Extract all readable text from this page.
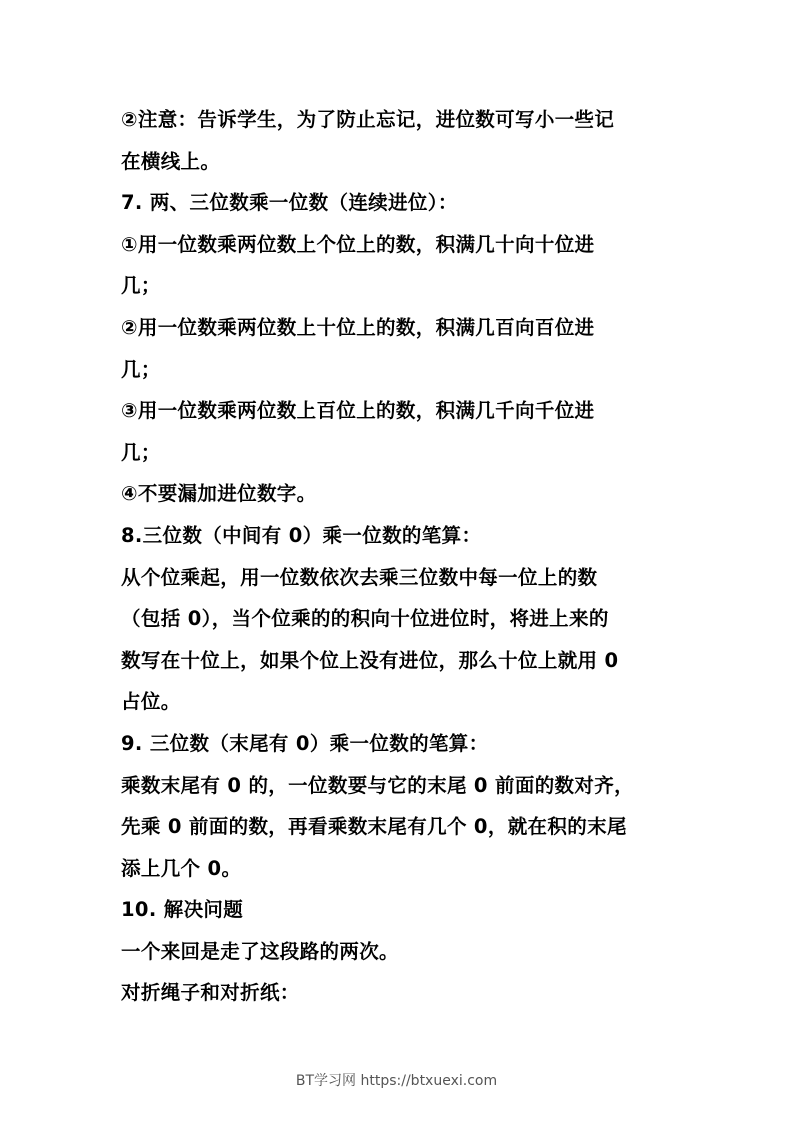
②注意：告诉学生，为了防止忘记，进位数可写小一些记
在横线上。
7. 两、三位数乘一位数（连续进位）：
①用一位数乘两位数上个位上的数，积满几十向十位进
几；
②用一位数乘两位数上十位上的数，积满几百向百位进
几；
③用一位数乘两位数上百位上的数，积满几千向千位进
几；
④不要漏加进位数字。
8.三位数（中间有 0）乘一位数的笔算：
从个位乘起，用一位数依次去乘三位数中每一位上的数
（包括 0），当个位乘的的积向十位进位时，将进上来的
数写在十位上，如果个位上没有进位，那么十位上就用 0
占位。
9. 三位数（末尾有 0）乘一位数的笔算：
乘数末尾有 0 的，一位数要与它的末尾 0 前面的数对齐，
先乘 0 前面的数，再看乘数末尾有几个 0，就在积的末尾
添上几个 0。
10. 解决问题
一个来回是走了这段路的两次。
对折绳子和对折纸：
BT学习网 https://btxuexi.com
